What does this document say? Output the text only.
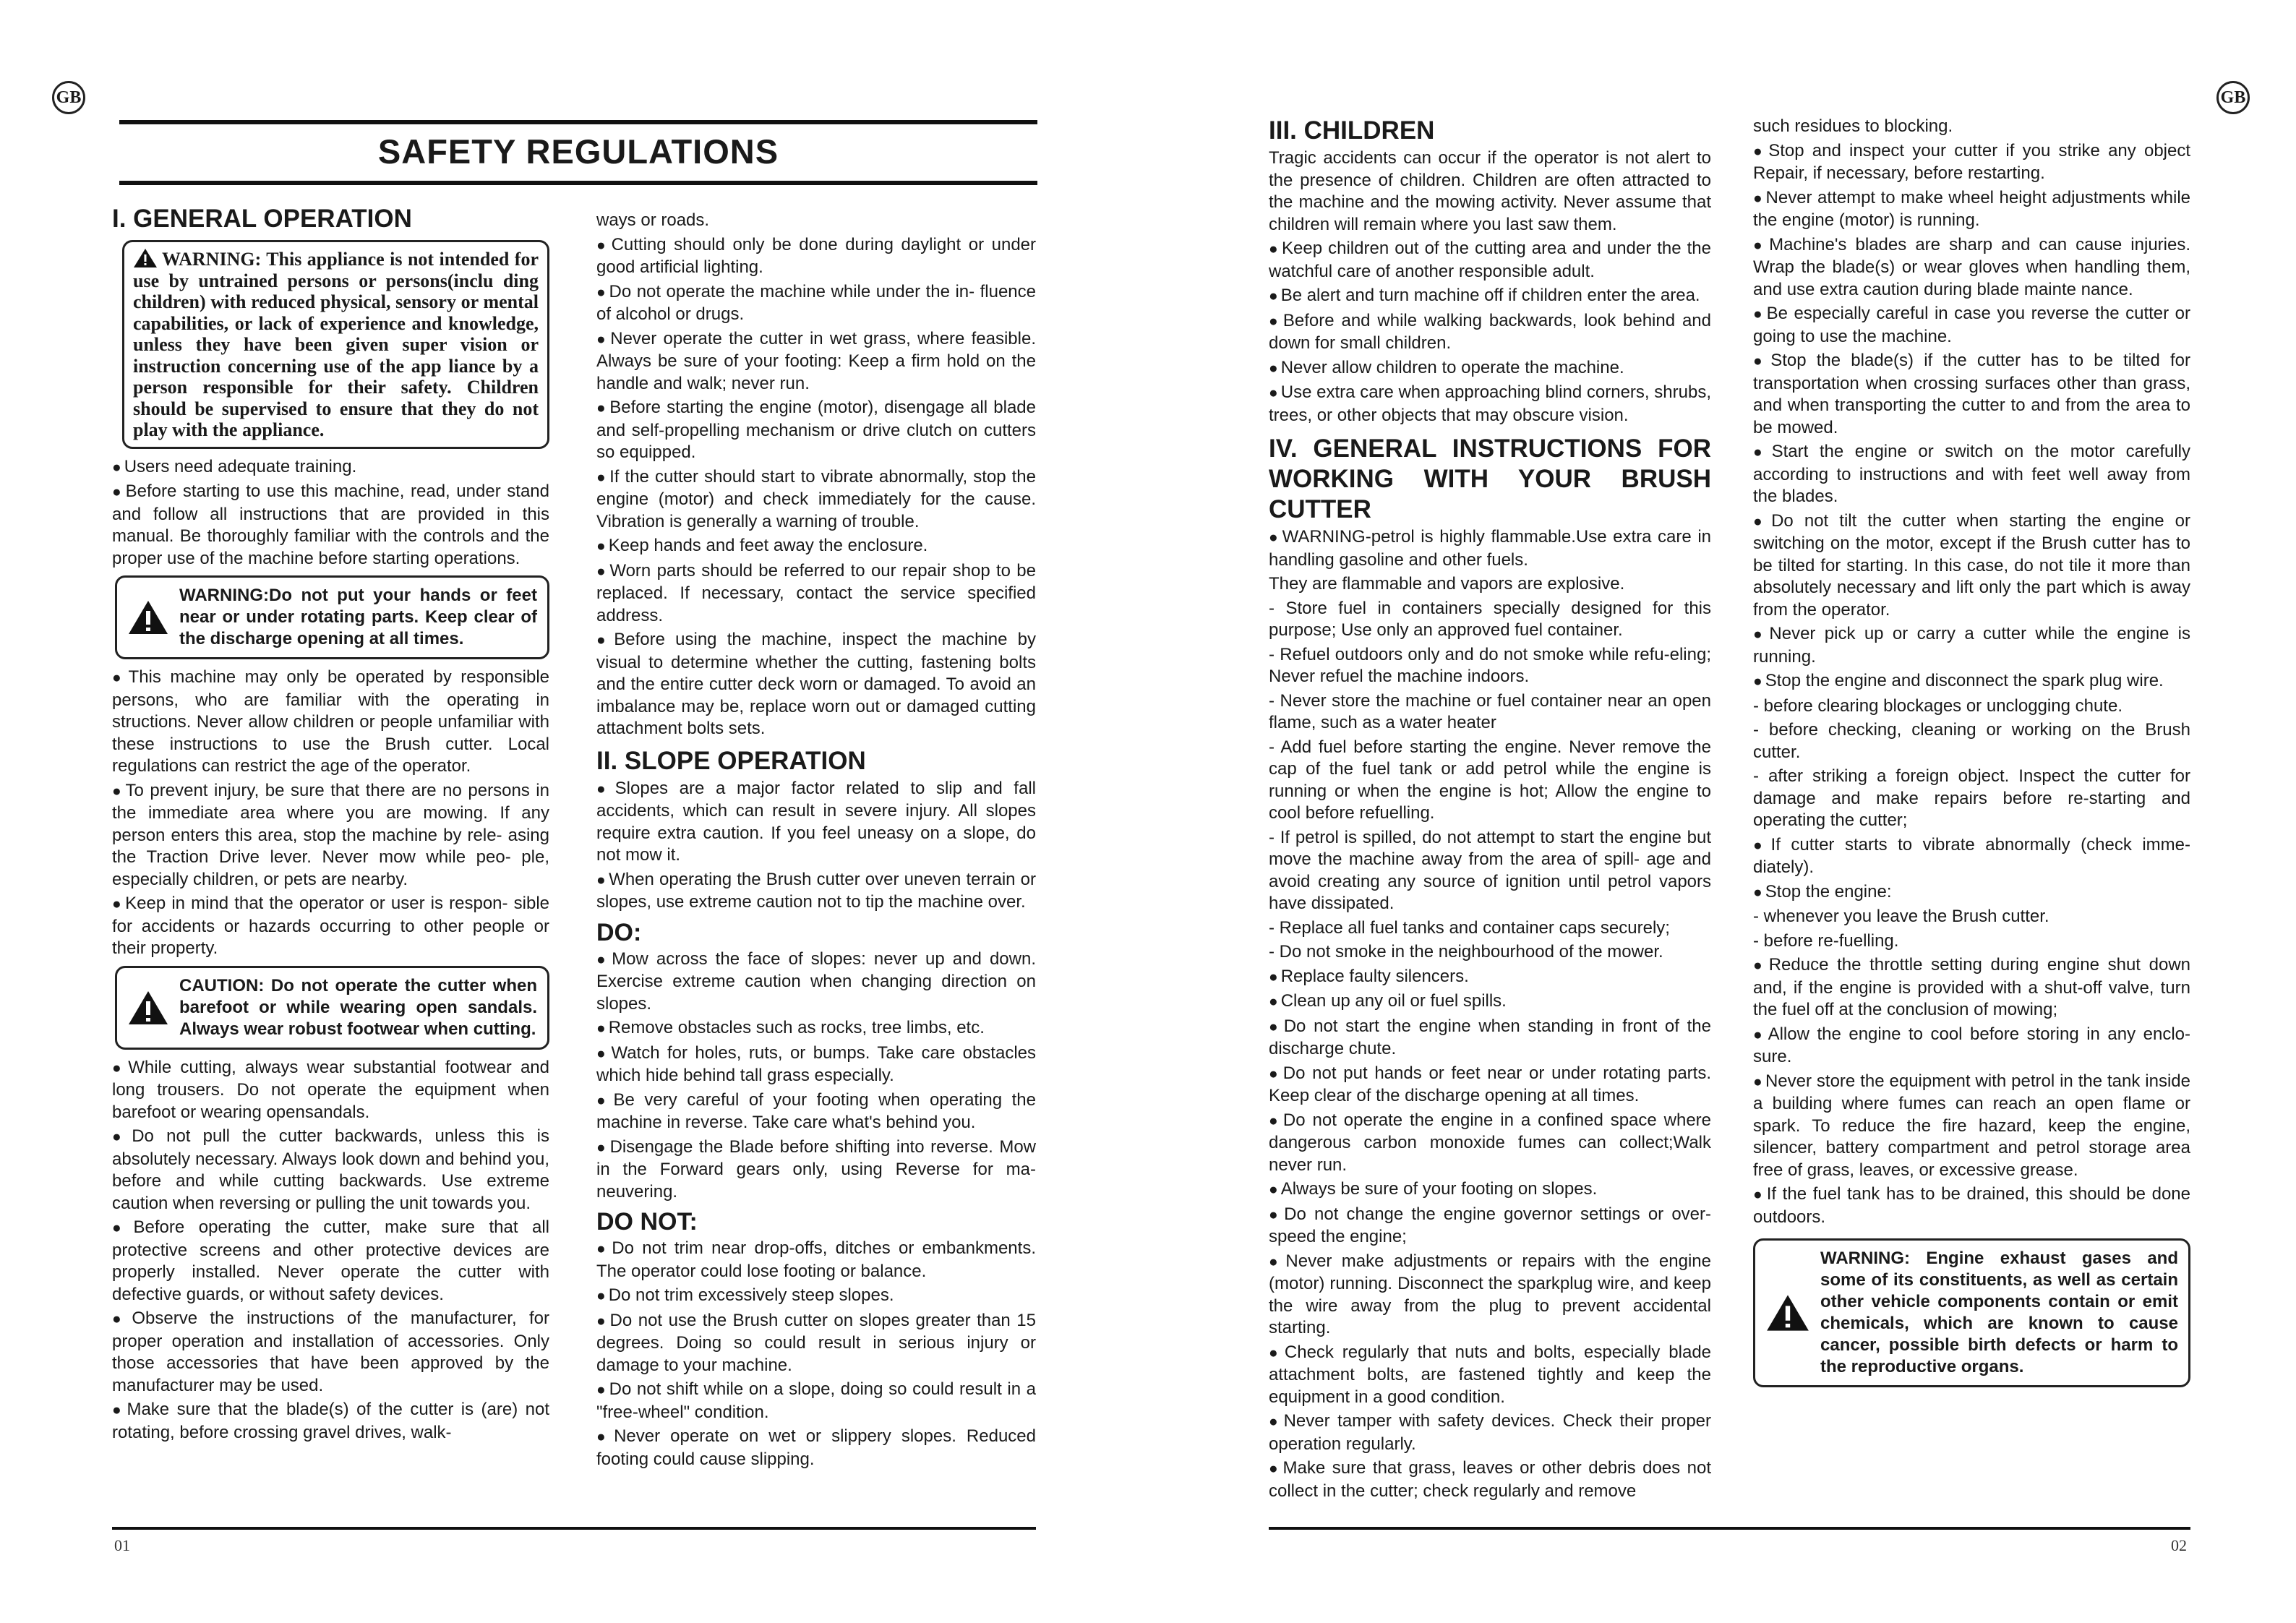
GB	GB
SAFETY REGULATIONS
01	02
I. GENERAL OPERATION
WARNING: This appliance is not intended for use by untrained persons or persons(inclu ding children) with reduced physical, sensory or mental capabilities, or lack of experience and knowledge, unless they have been given super vision or instruction concerning use of the app liance by a person responsible for their safety. Children should be supervised to ensure that they do not play with the appliance.

● Users need adequate training.

● Before starting to use this machine, read, under stand and follow all instructions that are provided in this manual. Be thoroughly familiar with the controls and the proper use of the machine before starting operations.

WARNING:Do not put your hands or feet near or under rotating parts. Keep clear of the discharge opening at all times.

● This machine may only be operated by responsible persons, who are familiar with the operating in structions. Never allow children or people unfamiliar with these instructions to use the Brush cutter. Local regulations can restrict the age of the operator.

● To prevent injury, be sure that there are no persons in the immediate area where you are mowing. If any person enters this area, stop the machine by rele- asing the Traction Drive lever. Never mow while peo- ple, especially children, or pets are nearby.

● Keep in mind that the operator or user is respon- sible for accidents or hazards occurring to other people or their property.

CAUTION: Do not operate the cutter when barefoot or while wearing open sandals. Always wear robust footwear when cutting.

● While cutting, always wear substantial footwear and long trousers. Do not operate the equipment when barefoot or wearing opensandals.

● Do not pull the cutter backwards, unless this is absolutely necessary. Always look down and behind you, before and while cutting backwards. Use extreme caution when reversing or pulling the unit towards you.

● Before operating the cutter, make sure that all protective screens and other protective devices are properly installed. Never operate the cutter with defective guards, or without safety devices.

● Observe the instructions of the manufacturer, for proper operation and installation of accessories. Only those accessories that have been approved by the manufacturer may be used.

● Make sure that the blade(s) of the cutter is (are) not rotating, before crossing gravel drives, walk-

ways or roads.

● Cutting should only be done during daylight or under good artificial lighting.

● Do not operate the machine while under the in- fluence of alcohol or drugs.

● Never operate the cutter in wet grass, where feasible. Always be sure of your footing: Keep a firm hold on the handle and walk; never run.

● Before starting the engine (motor), disengage all blade and self-propelling mechanism or drive clutch on cutters so equipped.

● If the cutter should start to vibrate abnormally, stop the engine (motor) and check immediately for the cause. Vibration is generally a warning of trouble.

● Keep hands and feet away the enclosure.

● Worn parts should be referred to our repair shop to be replaced. If necessary, contact the service specified address.

● Before using the machine, inspect the machine by visual to determine whether the cutting, fastening bolts and the entire cutter deck worn or damaged. To avoid an imbalance may be, replace worn out or damaged cutting attachment bolts sets.

II. SLOPE OPERATION

● Slopes are a major factor related to slip and fall accidents, which can result in severe injury. All slopes require extra caution. If you feel uneasy on a slope, do not mow it.

● When operating the Brush cutter over uneven terrain or slopes, use extreme caution not to tip the machine over.

DO:

● Mow across the face of slopes: never up and down. Exercise extreme caution when changing direction on slopes.

● Remove obstacles such as rocks, tree limbs, etc.

● Watch for holes, ruts, or bumps. Take care obstacles which hide behind tall grass especially.

● Be very careful of your footing when operating the machine in reverse. Take care what's behind you.

● Disengage the Blade before shifting into reverse. Mow in the Forward gears only, using Reverse for ma- neuvering.

DO NOT:

● Do not trim near drop-offs, ditches or embankments. The operator could lose footing or balance.

● Do not trim excessively steep slopes.

● Do not use the Brush cutter on slopes greater than 15 degrees. Doing so could result in serious injury or damage to your machine.

● Do not shift while on a slope, doing so could result in a "free-wheel" condition.

● Never operate on wet or slippery slopes. Reduced footing could cause slipping.

III. CHILDREN

Tragic accidents can occur if the operator is not alert to the presence of children. Children are often attracted to the machine and the mowing activity. Never assume that children will remain where you last saw them.

● Keep children out of the cutting area and under the the watchful care of another responsible adult.

● Be alert and turn machine off if children enter the area.

● Before and while walking backwards, look behind and down for small children.

● Never allow children to operate the machine.

● Use extra care when approaching blind corners, shrubs, trees, or other objects that may obscure vision.

IV. GENERAL INSTRUCTIONS FOR WORKING WITH YOUR BRUSH CUTTER

● WARNING-petrol is highly flammable.Use extra care in handling gasoline and other fuels.

They are flammable and vapors are explosive.

- Store fuel in containers specially designed for this purpose; Use only an approved fuel container.

- Refuel outdoors only and do not smoke while refu-eling; Never refuel the machine indoors.

- Never store the machine or fuel container near an open flame, such as a water heater

- Add fuel before starting the engine. Never remove the cap of the fuel tank or add petrol while the engine is running or when the engine is hot; Allow the engine to cool before refuelling.

- If petrol is spilled, do not attempt to start the engine but move the machine away from the area of spill- age and avoid creating any source of ignition until petrol vapors have dissipated.

- Replace all fuel tanks and container caps securely;

- Do not smoke in the neighbourhood of the mower.

● Replace faulty silencers.

● Clean up any oil or fuel spills.

● Do not start the engine when standing in front of the discharge chute.

● Do not put hands or feet near or under rotating parts. Keep clear of the discharge opening at all times.

● Do not operate the engine in a confined space where dangerous carbon monoxide fumes can collect;Walk never run.

● Always be sure of your footing on slopes.

● Do not change the engine governor settings or over-speed the engine;

● Never make adjustments or repairs with the engine (motor) running. Disconnect the sparkplug wire, and keep the wire away from the plug to prevent accidental starting.

● Check regularly that nuts and bolts, especially blade attachment bolts, are fastened tightly and keep the equipment in a good condition.

● Never tamper with safety devices. Check their proper operation regularly.

● Make sure that grass, leaves or other debris does not collect in the cutter; check regularly and remove

such residues to blocking.

● Stop and inspect your cutter if you strike any object Repair, if necessary, before restarting.

● Never attempt to make wheel height adjustments while the engine (motor) is running.

● Machine's blades are sharp and can cause injuries. Wrap the blade(s) or wear gloves when handling them, and use extra caution during blade mainte nance.

● Be especially careful in case you reverse the cutter or going to use the machine.

● Stop the blade(s) if the cutter has to be tilted for transportation when crossing surfaces other than grass, and when transporting the cutter to and from the area to be mowed.

● Start the engine or switch on the motor carefully according to instructions and with feet well away from the blades.

● Do not tilt the cutter when starting the engine or switching on the motor, except if the Brush cutter has to be tilted for starting. In this case, do not tile it more than absolutely necessary and lift only the part which is away from the operator.

● Never pick up or carry a cutter while the engine is running.

● Stop the engine and disconnect the spark plug wire.

- before clearing blockages or unclogging chute.

- before checking, cleaning or working on the Brush cutter.

- after striking a foreign object. Inspect the cutter for damage and make repairs before re-starting and operating the cutter;

● If cutter starts to vibrate abnormally (check imme- diately).

● Stop the engine:

- whenever you leave the Brush cutter.

- before re-fuelling.

● Reduce the throttle setting during engine shut down and, if the engine is provided with a shut-off valve, turn the fuel off at the conclusion of mowing;

● Allow the engine to cool before storing in any enclo- sure.

● Never store the equipment with petrol in the tank inside a building where fumes can reach an open flame or spark. To reduce the fire hazard, keep the engine, silencer, battery compartment and petrol storage area free of grass, leaves, or excessive grease.

● If the fuel tank has to be drained, this should be done outdoors.

WARNING: Engine exhaust gases and some of its constituents, as well as certain other vehicle components contain or emit chemicals, which are known to cause cancer, possible birth defects or harm to the reproductive organs.
